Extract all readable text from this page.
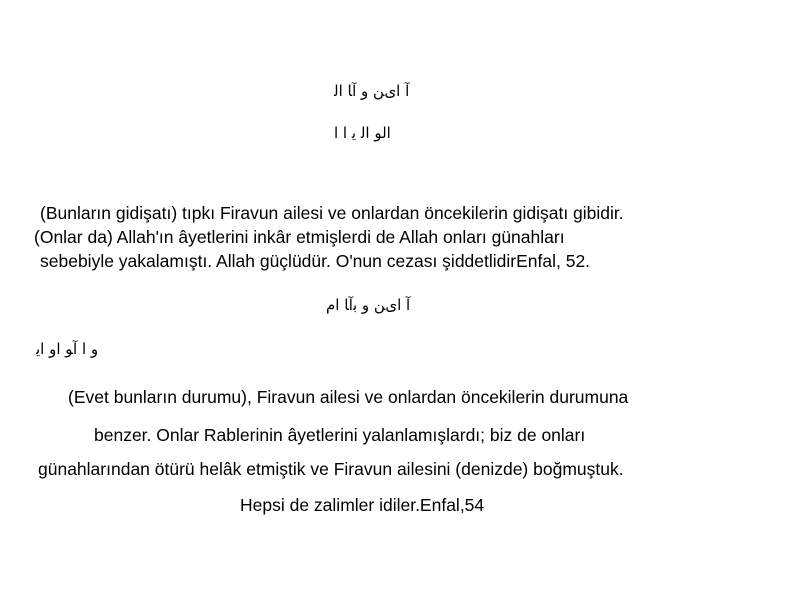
آ ﺍیﻦ ﻭ آﺎ ﺍﻟ
ﺍﻟﻮ ﺍﻟ ﻳ ﺍ ﺍ
(Bunların gidişatı) tıpkı Firavun ailesi ve onlardan öncekilerin gidişatı gibidir.
(Onlar da) Allah'ın âyetlerini inkâr etmişlerdi de Allah onları günahları
sebebiyle yakalamıştı. Allah güçlüdür. O'nun cezası şiddetlidirEnfal, 52.
آ ﺍیﻦ ﻭ ﺑآﺎ ﺍﻡ
ﻭ ﺍ آﻮ ﺍﻭ ﺍﻳ
(Evet bunların durumu), Firavun ailesi ve onlardan öncekilerin durumuna
benzer. Onlar Rablerinin âyetlerini yalanlamışlardı; biz de onları
günahlarından ötürü helâk etmiştik ve Firavun ailesini (denizde) boğmuştuk.
Hepsi de zalimler idiler.Enfal,54
